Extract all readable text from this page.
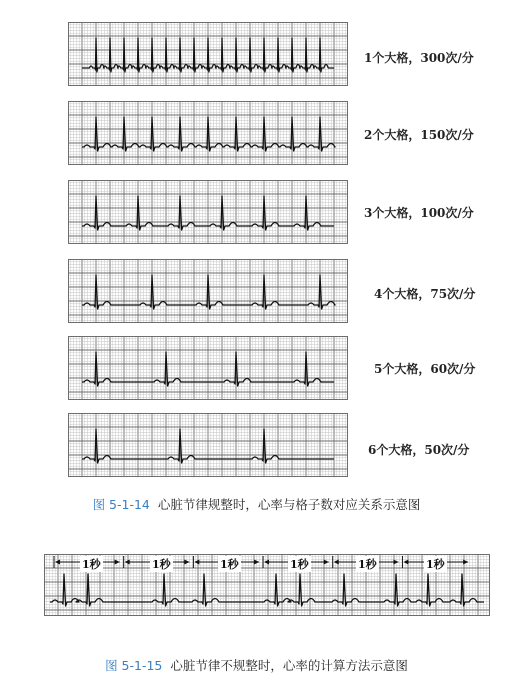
1个大格，300次/分
2个大格，150次/分
3个大格，100次/分
4个大格，75次/分
5个大格，60次/分
6个大格，50次/分
图 5-1-14 心脏节律规整时，心率与格子数对应关系示意图
1秒	1秒	1秒	1秒	1秒	1秒
图 5-1-15 心脏节律不规整时，心率的计算方法示意图
